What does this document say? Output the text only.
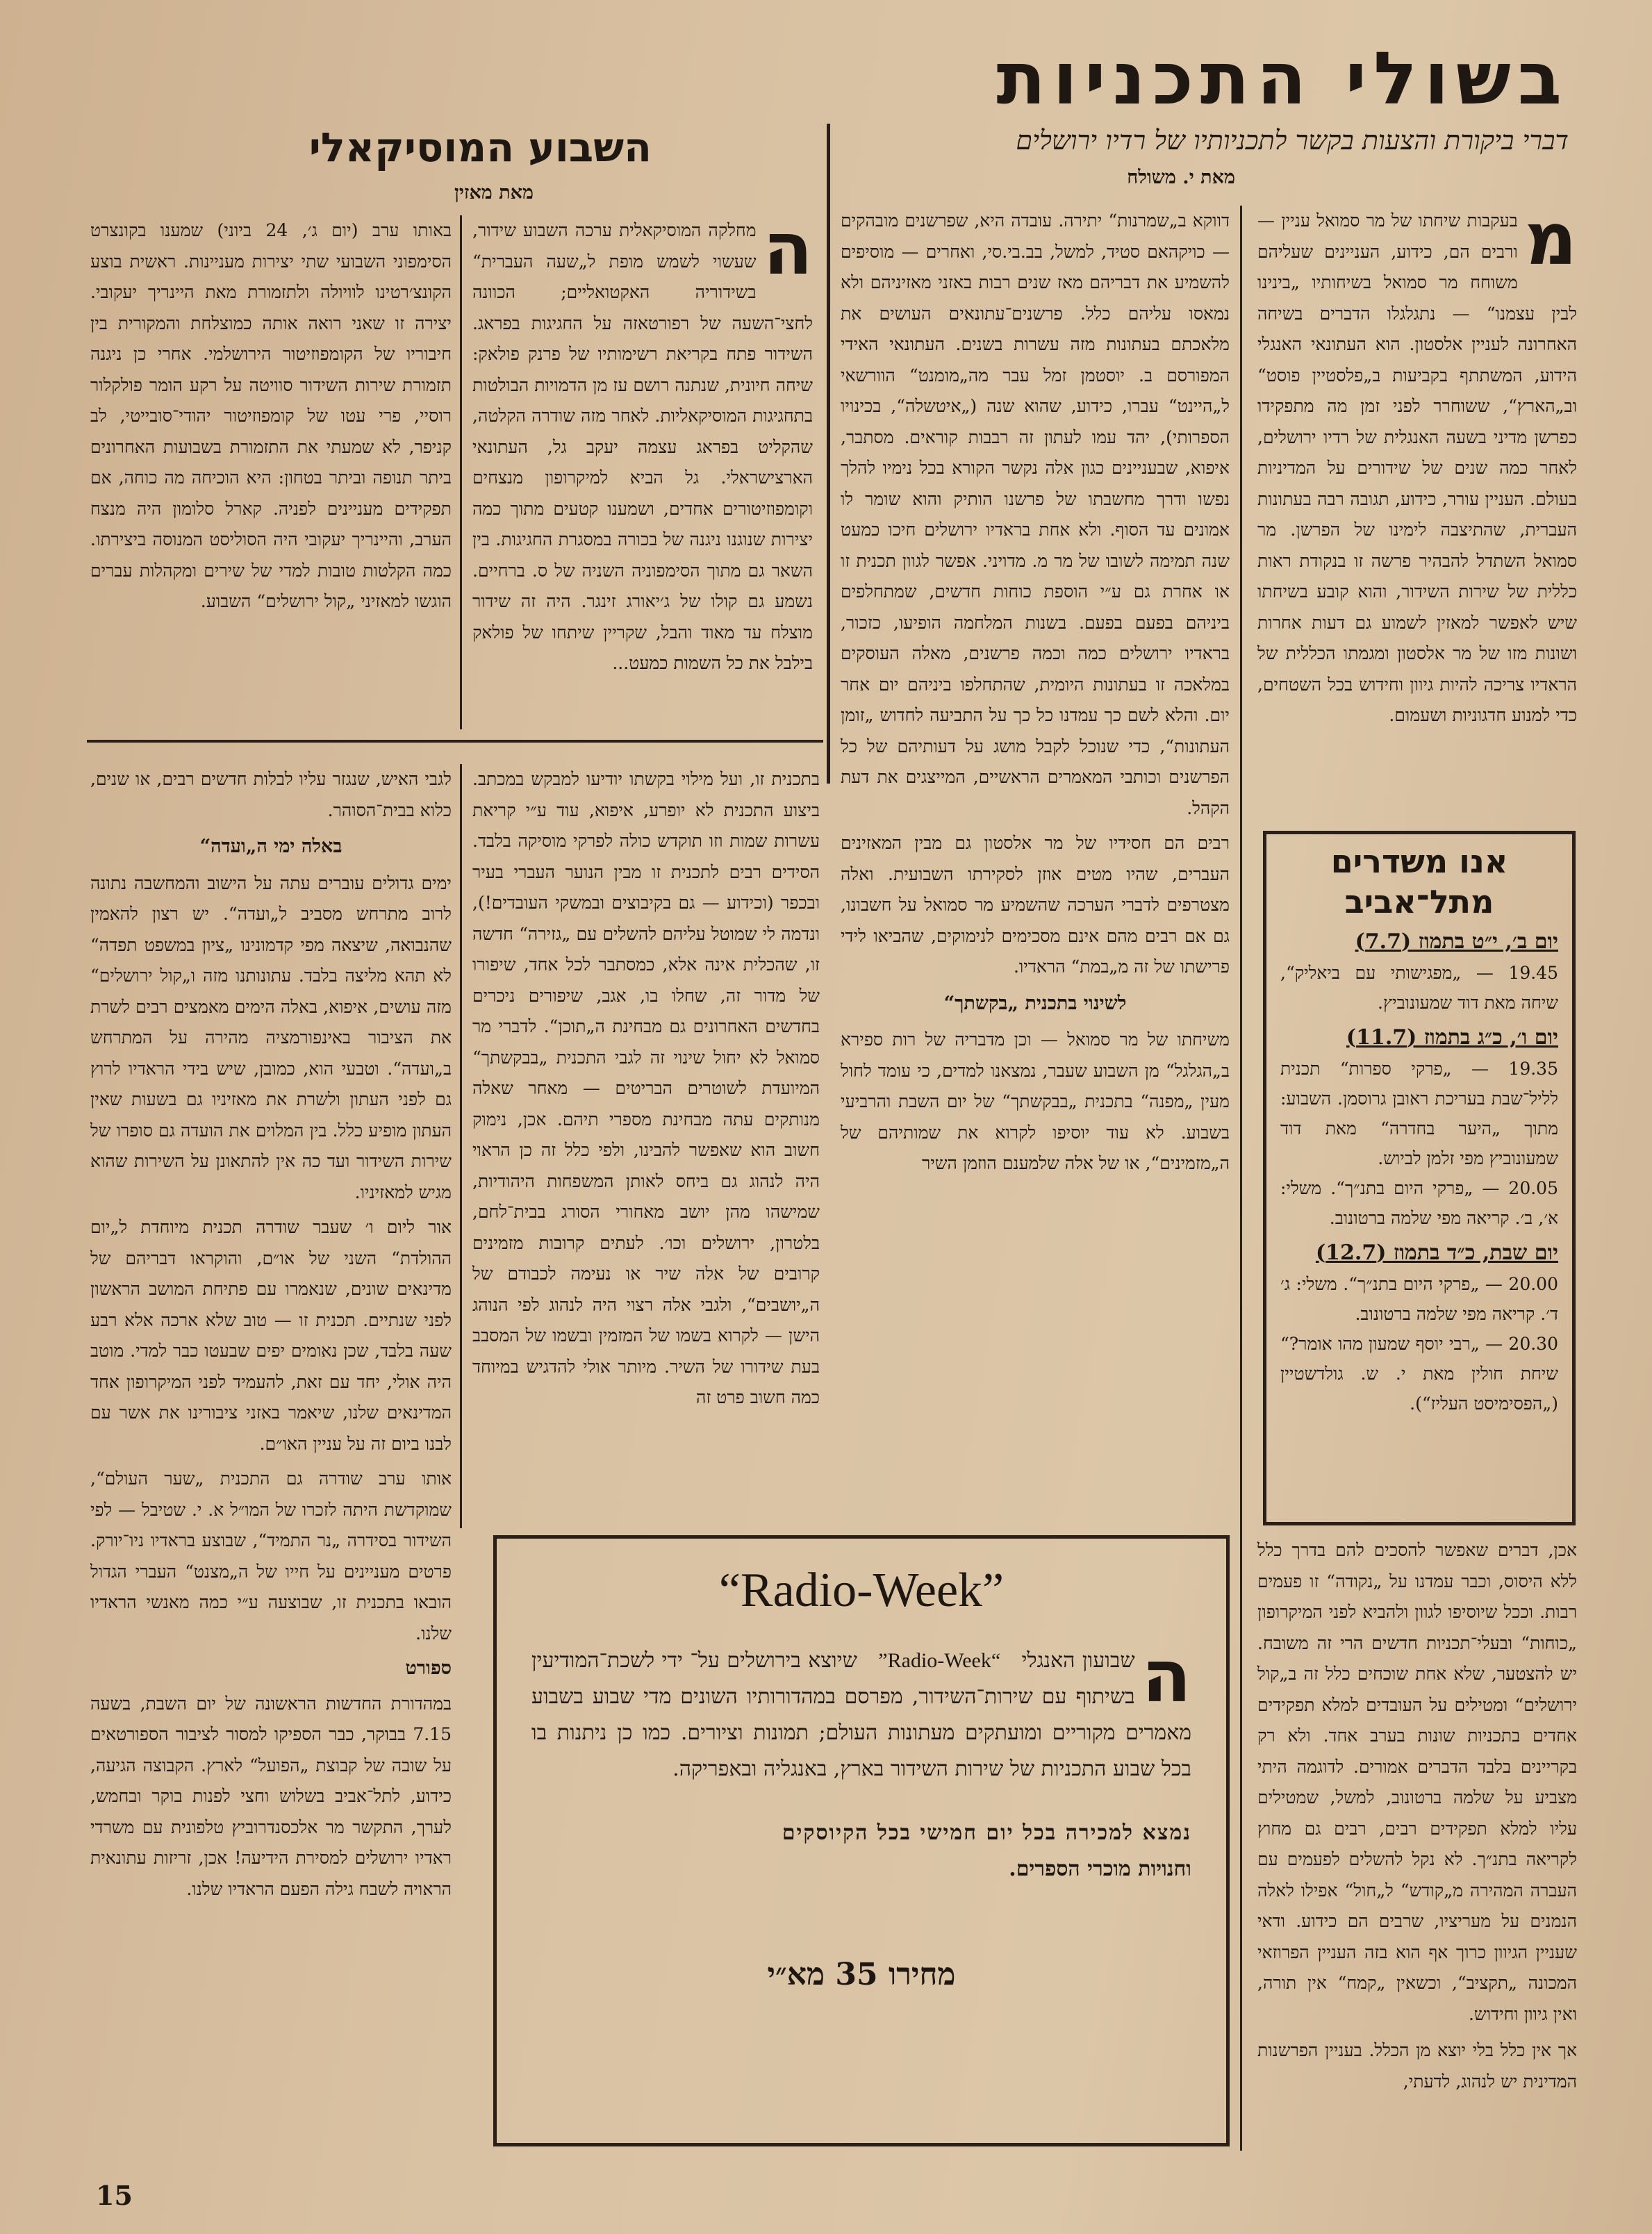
בשולי התכניות
דברי ביקורת והצעות בקשר לתכניותיו של רדיו ירושלים
מאת י. משולח
השבוע המוסיקאלי
מאת מאזין
מ

בעקבות שיחתו של מר סמואל עניין — ורבים הם, כידוע, העניינים שעליהם משוחח מר סמואל בשיחותיו „בינינו לבין עצמנו“ — נתגלגלו הדברים בשיחה האחרונה לעניין אלסטון. הוא העתונאי האנגלי הידוע, המשתתף בקביעות ב„פלסטיין פוסט“ וב„הארץ“, ששוחרר לפני זמן מה מתפקידו כפרשן מדיני בשעה האנגלית של רדיו ירושלים, לאחר כמה שנים של שידורים על המדיניות בעולם. העניין עורר, כידוע, תגובה רבה בעתונות העברית, שהתיצבה לימינו של הפרשן. מר סמואל השתדל להבהיר פרשה זו בנקודת ראות כללית של שירות השידור, והוא קובע בשיחתו שיש לאפשר למאזין לשמוע גם דעות אחרות ושונות מזו של מר אלסטון ומגמתו הכללית של הראדיו צריכה להיות גיוון וחידוש בכל השטחים, כדי למנוע חדגוניות ושעמום.

דווקא ב„שמרנות“ יתירה. עובדה היא, שפרשנים מובהקים — כויקהאם סטיד, למשל, בב.בי.סי, ואחרים — מוסיפים להשמיע את דבריהם מאז שנים רבות באזני מאזיניהם ולא נמאסו עליהם כלל. פרשנים־עתונאים העושים את מלאכתם בעתונות מזה עשרות בשנים. העתונאי האידי המפורסם ב. יוסטמן זמל עבר מה„מומנט“ הוורשאי ל„היינט“ עברו, כידוע, שהוא שנה („איטשלה“, בכינויו הספרותי), יהד עמו לעתון זה רבבות קוראים. מסתבר, איפוא, שבעניינים כגון אלה נקשר הקורא בכל נימיו להלך נפשו ודרך מחשבתו של פרשנו הותיק והוא שומר לו אמונים עד הסוף. ולא אחת בראדיו ירושלים חיכו כמעט שנה תמימה לשובו של מר מ. מדויני. אפשר לגוון תכנית זו או אחרת גם ע״י הוספת כוחות חדשים, שמתחלפים ביניהם בפעם בפעם. בשנות המלחמה הופיעו, כזכור, בראדיו ירושלים כמה וכמה פרשנים, מאלה העוסקים במלאכה זו בעתונות היומית, שהתחלפו ביניהם יום אחר יום. והלא לשם כך עמדנו כל כך על התביעה לחדוש „זומן העתונות“, כדי שנוכל לקבל מושג על דעותיהם של כל הפרשנים וכותבי המאמרים הראשיים, המייצגים את דעת הקהל.

רבים הם חסידיו של מר אלסטון גם מבין המאזינים העברים, שהיו מטים אוזן לסקירתו השבועית. ואלה מצטרפים לדברי הערכה שהשמיע מר סמואל על חשבונו, גם אם רבים מהם אינם מסכימים לנימוקים, שהביאו לידי פרישתו של זה מ„במת“ הראדיו.

לשינוי בתכנית „בקשתך“

משיחתו של מר סמואל — וכן מדבריה של רות ספירא ב„הגלגל“ מן השבוע שעבר, נמצאנו למדים, כי עומד לחול מעין „מפנה“ בתכנית „בבקשתך“ של יום השבת והרביעי בשבוע. לא עוד יוסיפו לקרוא את שמותיהם של ה„מזמינים“, או של אלה שלמענם הוזמן השיר

אנו משדרים מתל־אביב
יום ב׳, י״ט בתמוז (7.7)
19.45 — „מפגישותי עם ביאליק“, שיחה מאת דוד שמעונוביץ.
יום ו׳, כ״ג בתמוז (11.7)
19.35 — „פרקי ספרות“ תכנית לליל־שבת בעריכת ראובן גרוסמן. השבוע: מתוך „היער בחדרה“ מאת דוד שמעונוביץ מפי זלמן לביוש.
20.05 — „פרקי היום בתנ״ך“. משלי: א׳, ב׳. קריאה מפי שלמה ברטונוב.
יום שבת, כ״ד בתמוז (12.7)
20.00 — „פרקי היום בתנ״ך“. משלי: ג׳ ד׳. קריאה מפי שלמה ברטונוב.
20.30 — „רבי יוסף שמעון מהו אומר?“ שיחת חולין מאת י. ש. גולדשטיין („הפסימיסט העליז“).

אכן, דברים שאפשר להסכים להם בדרך כלל ללא היסוס, וכבר עמדנו על „נקודה“ זו פעמים רבות. וככל שיוסיפו לגוון ולהביא לפני המיקרופון „כוחות“ ובעלי־תכניות חדשים הרי זה משובח. יש להצטער, שלא אחת שוכחים כלל זה ב„קול ירושלים“ ומטילים על העובדים למלא תפקידים אחדים בתכניות שונות בערב אחד. ולא רק בקריינים בלבד הדברים אמורים. לדוגמה היתי מצביע על שלמה ברטונוב, למשל, שמטילים עליו למלא תפקידים רבים, רבים גם מחוץ לקריאה בתנ״ך. לא נקל להשלים לפעמים עם העברה המהירה מ„קודש“ ל„חול“ אפילו לאלה הנמנים על מעריציו, שרבים הם כידוע. ודאי שעניין הגיוון כרוך אף הוא בזה העניין הפרוזאי המכונה „תקציב“, וכשאין „קמח“ אין תורה, ואין גיוון וחידוש.

אך אין כלל בלי יוצא מן הכלל. בעניין הפרשנות המדינית יש לנהוג, לדעתי,

ה

מחלקה המוסיקאלית ערכה השבוע שידור, שעשוי לשמש מופת ל„שעה העברית“ בשידוריה האקטואליים; הכוונה לחצי־השעה של רפורטאזה על החגיגות בפראג. השידור פתח בקריאת רשימותיו של פרנק פולאק: שיחה חיונית, שנתנה רושם עז מן הדמויות הבולטות בתחגיגות המוסיקאליות. לאחר מזה שודרה הקלטה, שהקליט בפראג עצמה יעקב גל, העתונאי הארצישראלי. גל הביא למיקרופון מנצחים וקומפוזיטורים אחדים, ושמענו קטעים מתוך כמה יצירות שנוגנו ניגנה של בכורה במסגרת החגיגות. בין השאר גם מתוך הסימפוניה השניה של ס. ברחיים. נשמע גם קולו של ג׳יאורג זינגר. היה זה שידור מוצלח עד מאוד והבל, שקריין שיתחו של פולאק בילבל את כל השמות כמעט...

באותו ערב (יום ג׳, 24 ביוני) שמענו בקונצרט הסימפוני השבועי שתי יצירות מעניינות. ראשית בוצע הקונצ׳רטינו לוויולה ולתזמורת מאת היינריך יעקובי. יצירה זו שאני רואה אותה כמוצלחת והמקורית בין חיבוריו של הקומפוזיטור הירושלמי. אחרי כן ניגנה תזמורת שירות השידור סוויטה על רקע הומר פולקלור רוסיי, פרי עטו של קומפוזיטור יהודי־סובייטי, לב קניפר, לא שמעתי את התזמורת בשבועות האחרונים ביתר תנופה וביתר בטחון: היא הוכיחה מה כוחה, אם תפקידים מעניינים לפניה. קארל סלומון היה מנצח הערב, והיינריך יעקובי היה הסוליסט המנוסה ביצירתו. כמה הקלטות טובות למדי של שירים ומקהלות עברים הוגשו למאזיני „קול ירושלים“ השבוע.

בתכנית זו, ועל מילוי בקשתו יודיעו למבקש במכתב. ביצוע התכנית לא יופרע, איפוא, עוד ע״י קריאת עשרות שמות וזו תוקדש כולה לפרקי מוסיקה בלבד. הסידים רבים לתכנית זו מבין הנוער העברי בעיר ובכפר (וכידוע — גם בקיבוצים ובמשקי העובדים!), ונדמה לי שמוטל עליהם להשלים עם „גזירה“ חדשה זו, שהכלית אינה אלא, כמסתבר לכל אחד, שיפורו של מדור זה, שחלו בו, אגב, שיפורים ניכרים בחדשים האחרונים גם מבחינת ה„תוכן“. לדברי מר סמואל לא יחול שינוי זה לגבי התכנית „בבקשתך“ המיועדת לשוטרים הבריטים — מאחר שאלה מנותקים עתה מבחינת מספרי תיהם. אכן, נימוק חשוב הוא שאפשר להבינו, ולפי כלל זה כן הראוי היה לנהוג גם ביחס לאותן המשפחות היהודיות, שמישהו מהן יושב מאחורי הסורג בבית־לחם, בלטרון, ירושלים וכו׳. לעתים קרובות מזמינים קרובים של אלה שיר או נעימה לכבודם של ה„יושבים“, ולגבי אלה רצוי היה לנהוג לפי הנוהג הישן — לקרוא בשמו של המזמין ובשמו של המסבב בעת שידורו של השיר. מיותר אולי להדגיש במיוחד כמה חשוב פרט זה

לגבי האיש, שנגזר עליו לבלות חדשים רבים, או שנים, כלוא בבית־הסוהר.

באלה ימי ה„ועדה“

ימים גדולים עוברים עתה על הישוב והמחשבה נתונה לרוב מתרחש מסביב ל„ועדה“. יש רצון להאמין שהנבואה, שיצאה מפי קדמונינו „ציון במשפט תפדה“ לא תהא מליצה בלבד. עתונותנו מזה ו„קול ירושלים“ מזה עושים, איפוא, באלה הימים מאמצים רבים לשרת את הציבור באינפורמציה מהירה על המתרחש ב„ועדה“. וטבעי הוא, כמובן, שיש בידי הראדיו לרוץ גם לפני העתון ולשרת את מאזיניו גם בשעות שאין העתון מופיע כלל. בין המלוים את הועדה גם סופרו של שירות השידור ועד כה אין להתאונן על השירות שהוא מגיש למאזיניו.

אור ליום ו׳ שעבר שודרה תכנית מיוחדת ל„יום ההולדת“ השני של או״ם, והוקראו דבריהם של מדינאים שונים, שנאמרו עם פתיחת המושב הראשון לפני שנתיים. תכנית זו — טוב שלא ארכה אלא רבע שעה בלבד, שכן נאומים יפים שבעטו כבר למדי. מוטב היה אולי, יחד עם זאת, להעמיד לפני המיקרופון אחד המדינאים שלנו, שיאמר באזני ציבורינו את אשר עם לבנו ביום זה על עניין האו״ם.

אותו ערב שודרה גם התכנית „שער העולם“, שמוקדשת היתה לזכרו של המו״ל א. י. שטיבל — לפי השידור בסידרה „נר התמיד“, שבוצע בראדיו ניו־יורק. פרטים מעניינים על חייו של ה„מצנט“ העברי הגדול הובאו בתכנית זו, שבוצעה ע״י כמה מאנשי הראדיו שלנו.

ספורט

במהדורת החדשות הראשונה של יום השבת, בשעה 7.15 בבוקר, כבר הספיקו למסור לציבור הספורטאים על שובה של קבוצת „הפועל“ לארץ. הקבוצה הגיעה, כידוע, לתל־אביב בשלוש וחצי לפנות בוקר ובחמש, לערך, התקשר מר אלכסנדרוביץ טלפונית עם משרדי ראדיו ירושלים למסירת הידיעה! אכן, זריזות עתונאית הראויה לשבח גילה הפעם הראדיו שלנו.

“Radio-Week”
ה
שבועון האנגלי “Radio-Week” שיוצא בירושלים על־ ידי לשכת־המודיעין בשיתוף עם שירות־השידור, מפרסם במהדורותיו השונים מדי שבוע בשבוע מאמרים מקוריים ומועתקים מעתונות העולם; תמונות וציורים. כמו כן ניתנות בו בכל שבוע התכניות של שירות השידור בארץ, באנגליה ובאפריקה.
נמצא למכירה בכל יום חמישי בכל הקיוסקים
וחנויות מוכרי הספרים.
מחירו 35 מא״י
15
